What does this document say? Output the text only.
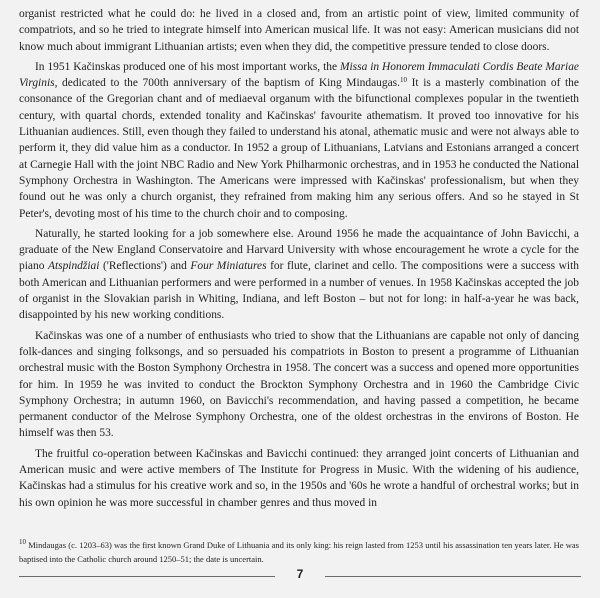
organist restricted what he could do: he lived in a closed and, from an artistic point of view, limited community of compatriots, and so he tried to integrate himself into American musical life. It was not easy: American musicians did not know much about immigrant Lithuanian artists; even when they did, the competitive pressure tended to close doors.

In 1951 Kačinskas produced one of his most important works, the Missa in Honorem Immaculati Cordis Beate Mariae Virginis, dedicated to the 700th anniversary of the baptism of King Mindaugas.$^{10}$ It is a masterly combination of the consonance of the Gregorian chant and of mediaeval organum with the bifunctional complexes popular in the twentieth century, with quartal chords, extended tonality and Kačinskas' favourite athematism. It proved too innovative for his Lithuanian audiences. Still, even though they failed to understand his atonal, athematic music and were not always able to perform it, they did value him as a conductor. In 1952 a group of Lithuanians, Latvians and Estonians arranged a concert at Carnegie Hall with the joint NBC Radio and New York Philharmonic orchestras, and in 1953 he conducted the National Symphony Orchestra in Washington. The Americans were impressed with Kačinskas' professionalism, but when they found out he was only a church organist, they refrained from making him any serious offers. And so he stayed in St Peter's, devoting most of his time to the church choir and to composing.

Naturally, he started looking for a job somewhere else. Around 1956 he made the acquaintance of John Bavicchi, a graduate of the New England Conservatoire and Harvard University with whose encouragement he wrote a cycle for the piano Atspindžiai ('Reflections') and Four Miniatures for flute, clarinet and cello. The compositions were a success with both American and Lithuanian performers and were performed in a number of venues. In 1958 Kačinskas accepted the job of organist in the Slovakian parish in Whiting, Indiana, and left Boston – but not for long: in half-a-year he was back, disappointed by his new working conditions.

Kačinskas was one of a number of enthusiasts who tried to show that the Lithuanians are capable not only of dancing folk-dances and singing folksongs, and so persuaded his compatriots in Boston to present a programme of Lithuanian orchestral music with the Boston Symphony Orchestra in 1958. The concert was a success and opened more opportunities for him. In 1959 he was invited to conduct the Brockton Symphony Orchestra and in 1960 the Cambridge Civic Symphony Orchestra; in autumn 1960, on Bavicchi's recommendation, and having passed a competition, he became permanent conductor of the Melrose Symphony Orchestra, one of the oldest orchestras in the environs of Boston. He himself was then 53.

The fruitful co-operation between Kačinskas and Bavicchi continued: they arranged joint concerts of Lithuanian and American music and were active members of The Institute for Progress in Music. With the widening of his audience, Kačinskas had a stimulus for his creative work and so, in the 1950s and '60s he wrote a handful of orchestral works; but in his own opinion he was more successful in chamber genres and thus moved in

$^{10}$ Mindaugas (c. 1203–63) was the first known Grand Duke of Lithuania and its only king: his reign lasted from 1253 until his assassination ten years later. He was baptised into the Catholic church around 1250–51; the date is uncertain.
7
